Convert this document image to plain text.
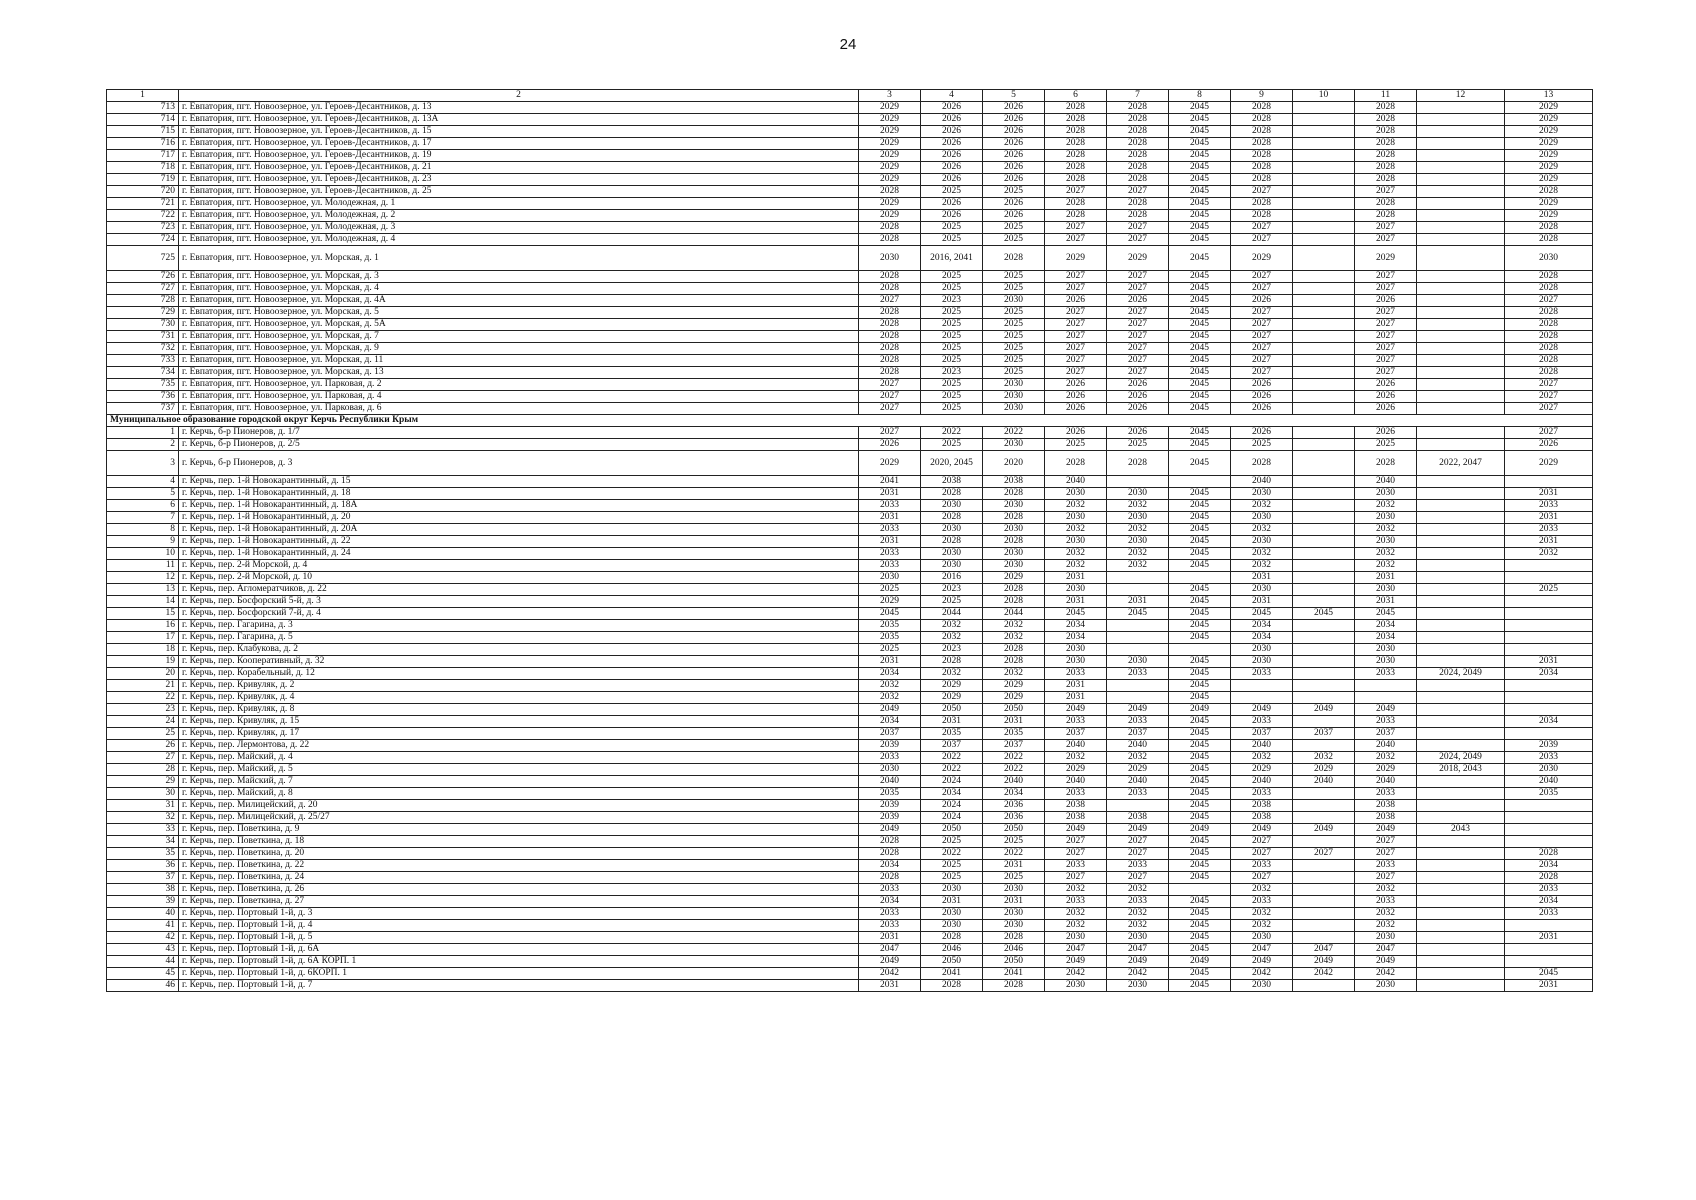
24
1	2	3	4	5	6	7	8	9	10	11	12	13
713	г. Евпатория, пгт. Новоозерное, ул. Героев-Десантников, д. 13	2029	2026	2026	2028	2028	2045	2028		2028		2029
714	г. Евпатория, пгт. Новоозерное, ул. Героев-Десантников, д. 13А	2029	2026	2026	2028	2028	2045	2028		2028		2029
715	г. Евпатория, пгт. Новоозерное, ул. Героев-Десантников, д. 15	2029	2026	2026	2028	2028	2045	2028		2028		2029
716	г. Евпатория, пгт. Новоозерное, ул. Героев-Десантников, д. 17	2029	2026	2026	2028	2028	2045	2028		2028		2029
717	г. Евпатория, пгт. Новоозерное, ул. Героев-Десантников, д. 19	2029	2026	2026	2028	2028	2045	2028		2028		2029
718	г. Евпатория, пгт. Новоозерное, ул. Героев-Десантников, д. 21	2029	2026	2026	2028	2028	2045	2028		2028		2029
719	г. Евпатория, пгт. Новоозерное, ул. Героев-Десантников, д. 23	2029	2026	2026	2028	2028	2045	2028		2028		2029
720	г. Евпатория, пгт. Новоозерное, ул. Героев-Десантников, д. 25	2028	2025	2025	2027	2027	2045	2027		2027		2028
721	г. Евпатория, пгт. Новоозерное, ул. Молодежная, д. 1	2029	2026	2026	2028	2028	2045	2028		2028		2029
722	г. Евпатория, пгт. Новоозерное, ул. Молодежная, д. 2	2029	2026	2026	2028	2028	2045	2028		2028		2029
723	г. Евпатория, пгт. Новоозерное, ул. Молодежная, д. 3	2028	2025	2025	2027	2027	2045	2027		2027		2028
724	г. Евпатория, пгт. Новоозерное, ул. Молодежная, д. 4	2028	2025	2025	2027	2027	2045	2027		2027		2028
725	г. Евпатория, пгт. Новоозерное, ул. Морская, д. 1	2030	2016, 2041	2028	2029	2029	2045	2029		2029		2030
726	г. Евпатория, пгт. Новоозерное, ул. Морская, д. 3	2028	2025	2025	2027	2027	2045	2027		2027		2028
727	г. Евпатория, пгт. Новоозерное, ул. Морская, д. 4	2028	2025	2025	2027	2027	2045	2027		2027		2028
728	г. Евпатория, пгт. Новоозерное, ул. Морская, д. 4А	2027	2023	2030	2026	2026	2045	2026		2026		2027
729	г. Евпатория, пгт. Новоозерное, ул. Морская, д. 5	2028	2025	2025	2027	2027	2045	2027		2027		2028
730	г. Евпатория, пгт. Новоозерное, ул. Морская, д. 5А	2028	2025	2025	2027	2027	2045	2027		2027		2028
731	г. Евпатория, пгт. Новоозерное, ул. Морская, д. 7	2028	2025	2025	2027	2027	2045	2027		2027		2028
732	г. Евпатория, пгт. Новоозерное, ул. Морская, д. 9	2028	2025	2025	2027	2027	2045	2027		2027		2028
733	г. Евпатория, пгт. Новоозерное, ул. Морская, д. 11	2028	2025	2025	2027	2027	2045	2027		2027		2028
734	г. Евпатория, пгт. Новоозерное, ул. Морская, д. 13	2028	2023	2025	2027	2027	2045	2027		2027		2028
735	г. Евпатория, пгт. Новоозерное, ул. Парковая, д. 2	2027	2025	2030	2026	2026	2045	2026		2026		2027
736	г. Евпатория, пгт. Новоозерное, ул. Парковая, д. 4	2027	2025	2030	2026	2026	2045	2026		2026		2027
737	г. Евпатория, пгт. Новоозерное, ул. Парковая, д. 6	2027	2025	2030	2026	2026	2045	2026		2026		2027
Муниципальное образование городской округ Керчь Республики Крым												
1	г. Керчь, б-р Пионеров, д. 1/7	2027	2022	2022	2026	2026	2045	2026		2026		2027
2	г. Керчь, б-р Пионеров, д. 2/5	2026	2025	2030	2025	2025	2045	2025		2025		2026
3	г. Керчь, б-р Пионеров, д. 3	2029	2020, 2045	2020	2028	2028	2045	2028		2028	2022, 2047	2029
4	г. Керчь, пер. 1-й Новокарантинный, д. 15	2041	2038	2038	2040			2040		2040		
5	г. Керчь, пер. 1-й Новокарантинный, д. 18	2031	2028	2028	2030	2030	2045	2030		2030		2031
6	г. Керчь, пер. 1-й Новокарантинный, д. 18А	2033	2030	2030	2032	2032	2045	2032		2032		2033
7	г. Керчь, пер. 1-й Новокарантинный, д. 20	2031	2028	2028	2030	2030	2045	2030		2030		2031
8	г. Керчь, пер. 1-й Новокарантинный, д. 20А	2033	2030	2030	2032	2032	2045	2032		2032		2033
9	г. Керчь, пер. 1-й Новокарантинный, д. 22	2031	2028	2028	2030	2030	2045	2030		2030		2031
10	г. Керчь, пер. 1-й Новокарантинный, д. 24	2033	2030	2030	2032	2032	2045	2032		2032		2032
11	г. Керчь, пер. 2-й Морской, д. 4	2033	2030	2030	2032	2032	2045	2032		2032		
12	г. Керчь, пер. 2-й Морской, д. 10	2030	2016	2029	2031			2031		2031		
13	г. Керчь, пер. Агломератчиков, д. 22	2025	2023	2028	2030		2045	2030		2030		2025
14	г. Керчь, пер. Босфорский 5-й, д. 3	2029	2025	2028	2031	2031	2045	2031		2031		
15	г. Керчь, пер. Босфорский 7-й, д. 4	2045	2044	2044	2045	2045	2045	2045	2045	2045		
16	г. Керчь, пер. Гагарина, д. 3	2035	2032	2032	2034		2045	2034		2034		
17	г. Керчь, пер. Гагарина, д. 5	2035	2032	2032	2034		2045	2034		2034		
18	г. Керчь, пер. Клабукова, д. 2	2025	2023	2028	2030			2030		2030		
19	г. Керчь, пер. Кооперативный, д. 32	2031	2028	2028	2030	2030	2045	2030		2030		2031
20	г. Керчь, пер. Корабельный, д. 12	2034	2032	2032	2033	2033	2045	2033		2033	2024, 2049	2034
21	г. Керчь, пер. Кривуляк, д. 2	2032	2029	2029	2031		2045					
22	г. Керчь, пер. Кривуляк, д. 4	2032	2029	2029	2031		2045					
23	г. Керчь, пер. Кривуляк, д. 8	2049	2050	2050	2049	2049	2049	2049	2049	2049		
24	г. Керчь, пер. Кривуляк, д. 15	2034	2031	2031	2033	2033	2045	2033		2033		2034
25	г. Керчь, пер. Кривуляк, д. 17	2037	2035	2035	2037	2037	2045	2037	2037	2037		
26	г. Керчь, пер. Лермонтова, д. 22	2039	2037	2037	2040	2040	2045	2040		2040		2039
27	г. Керчь, пер. Майский, д. 4	2033	2022	2022	2032	2032	2045	2032	2032	2032	2024, 2049	2033
28	г. Керчь, пер. Майский, д. 5	2030	2022	2022	2029	2029	2045	2029	2029	2029	2018, 2043	2030
29	г. Керчь, пер. Майский, д. 7	2040	2024	2040	2040	2040	2045	2040	2040	2040		2040
30	г. Керчь, пер. Майский, д. 8	2035	2034	2034	2033	2033	2045	2033		2033		2035
31	г. Керчь, пер. Милицейский, д. 20	2039	2024	2036	2038		2045	2038		2038		
32	г. Керчь, пер. Милицейский, д. 25/27	2039	2024	2036	2038	2038	2045	2038		2038		
33	г. Керчь, пер. Поветкина, д. 9	2049	2050	2050	2049	2049	2049	2049	2049	2049	2043	
34	г. Керчь, пер. Поветкина, д. 18	2028	2025	2025	2027	2027	2045	2027		2027		
35	г. Керчь, пер. Поветкина, д. 20	2028	2022	2022	2027	2027	2045	2027	2027	2027		2028
36	г. Керчь, пер. Поветкина, д. 22	2034	2025	2031	2033	2033	2045	2033		2033		2034
37	г. Керчь, пер. Поветкина, д. 24	2028	2025	2025	2027	2027	2045	2027		2027		2028
38	г. Керчь, пер. Поветкина, д. 26	2033	2030	2030	2032	2032		2032		2032		2033
39	г. Керчь, пер. Поветкина, д. 27	2034	2031	2031	2033	2033	2045	2033		2033		2034
40	г. Керчь, пер. Портовый 1-й, д. 3	2033	2030	2030	2032	2032	2045	2032		2032		2033
41	г. Керчь, пер. Портовый 1-й, д. 4	2033	2030	2030	2032	2032	2045	2032		2032		
42	г. Керчь, пер. Портовый 1-й, д. 5	2031	2028	2028	2030	2030	2045	2030		2030		2031
43	г. Керчь, пер. Портовый 1-й, д. 6А	2047	2046	2046	2047	2047	2045	2047	2047	2047		
44	г. Керчь, пер. Портовый 1-й, д. 6А КОРП. 1	2049	2050	2050	2049	2049	2049	2049	2049	2049		
45	г. Керчь, пер. Портовый 1-й, д. 6КОРП. 1	2042	2041	2041	2042	2042	2045	2042	2042	2042		2045
46	г. Керчь, пер. Портовый 1-й, д. 7	2031	2028	2028	2030	2030	2045	2030		2030		2031
